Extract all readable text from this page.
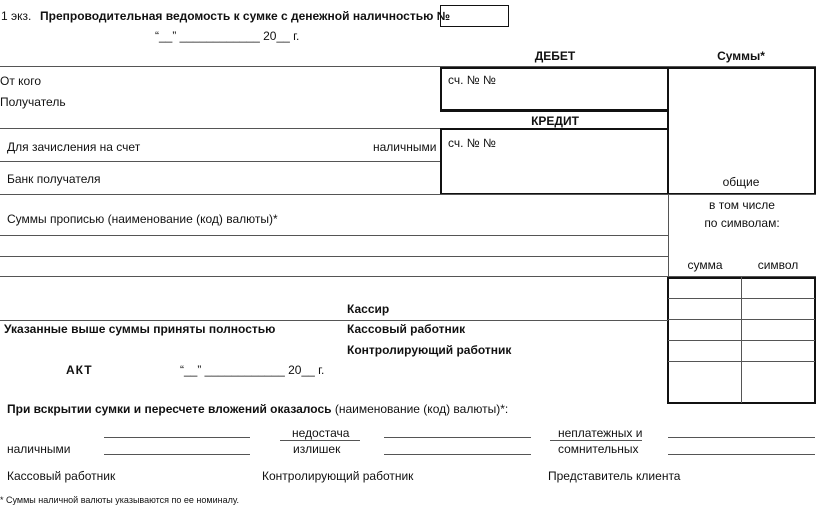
1 экз. Препроводительная ведомость к сумке с денежной наличностью №
“__” ____________ 20__ г.
ДЕБЕТ	Суммы*
От кого
Получатель
сч. № №
общие
КРЕДИТ
сч. № №
Для зачисления на счет	наличными
Банк получателя
Суммы прописью (наименование (код) валюты)*
в том числе
по символам:
сумма	символ
Кассир
Указанные выше суммы приняты полностью	Кассовый работник
Контролирующий работник
АКТ	“__” ____________ 20__ г.
При вскрытии сумки и пересчете вложений оказалось (наименование (код) валюты)*:
недостача
излишек
неплатежных и
сомнительных
наличными
Кассовый работник	Контролирующий работник	Представитель клиента
* Суммы наличной валюты указываются по ее номиналу.
